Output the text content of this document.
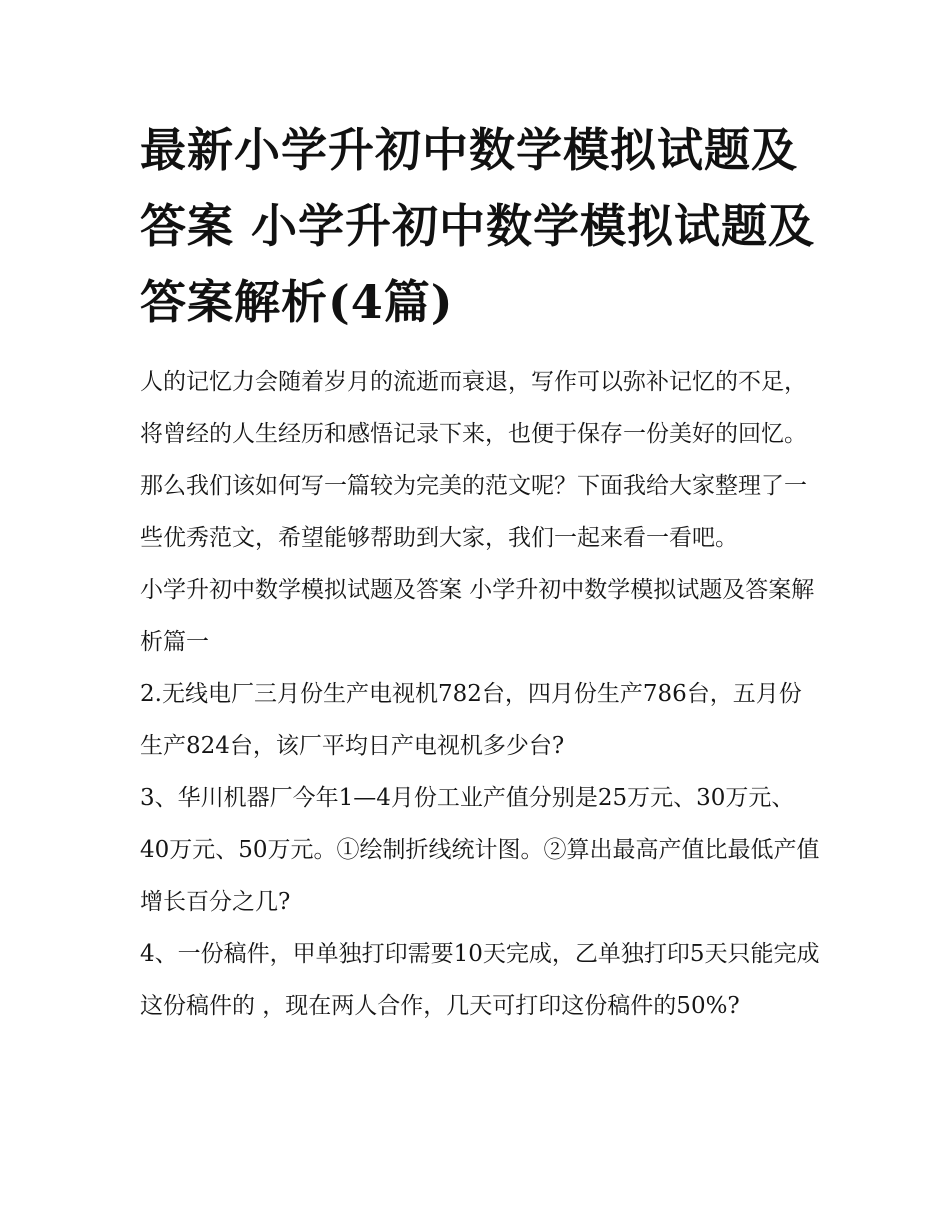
最新小学升初中数学模拟试题及答案 小学升初中数学模拟试题及答案解析(4篇)

人的记忆力会随着岁月的流逝而衰退，写作可以弥补记忆的不足，将曾经的人生经历和感悟记录下来，也便于保存一份美好的回忆。那么我们该如何写一篇较为完美的范文呢？下面我给大家整理了一些优秀范文，希望能够帮助到大家，我们一起来看一看吧。

小学升初中数学模拟试题及答案 小学升初中数学模拟试题及答案解析篇一

2.无线电厂三月份生产电视机782台，四月份生产786台，五月份生产824台，该厂平均日产电视机多少台?

3、华川机器厂今年1—4月份工业产值分别是25万元、30万元、40万元、50万元。①绘制折线统计图。②算出最高产值比最低产值增长百分之几?

4、一份稿件，甲单独打印需要10天完成，乙单独打印5天只能完成这份稿件的 ，现在两人合作，几天可打印这份稿件的50%?
